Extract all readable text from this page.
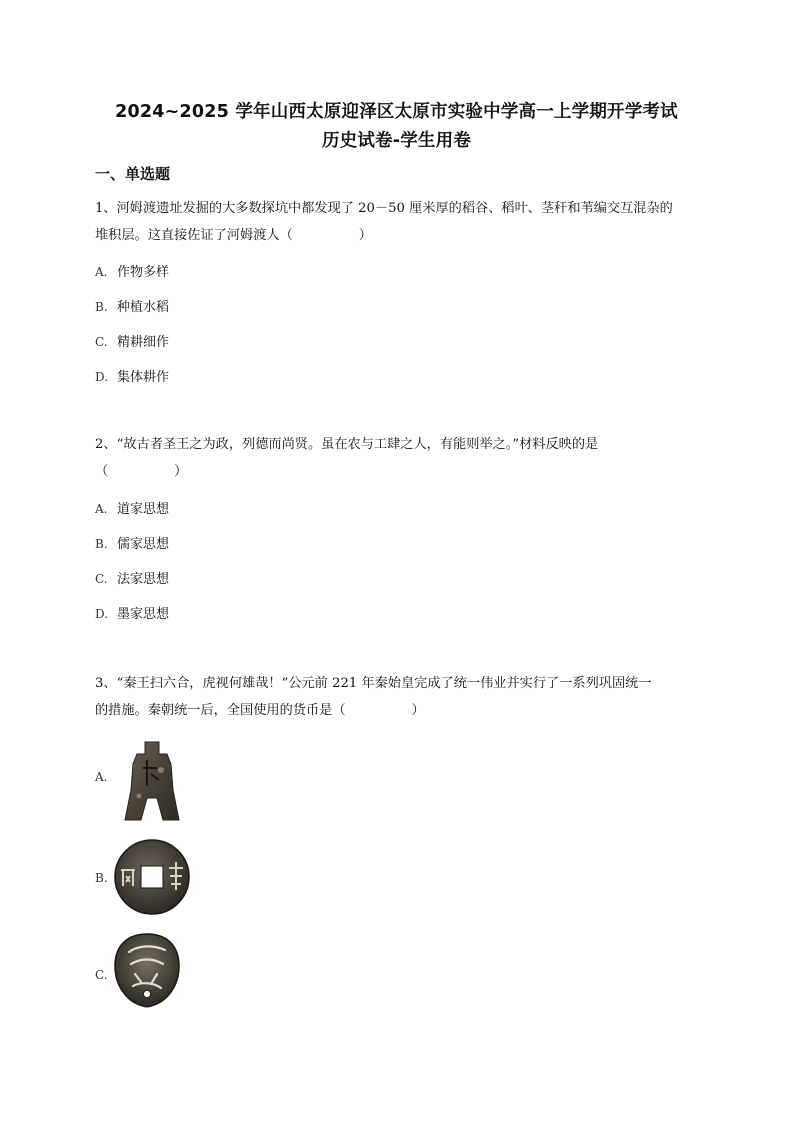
2024~2025 学年山西太原迎泽区太原市实验中学高一上学期开学考试
历史试卷-学生用卷
一、单选题
1、河姆渡遗址发掘的大多数探坑中都发现了 20－50 厘米厚的稻谷、稻叶、茎秆和苇编交互混杂的
堆积层。这直接佐证了河姆渡人（　　　　　）
A. 作物多样
B. 种植水稻
C. 精耕细作
D. 集体耕作
2、“故古者圣王之为政，列德而尚贤。虽在农与工肆之人，有能则举之。”材料反映的是
（　　　　　）
A. 道家思想
B. 儒家思想
C. 法家思想
D. 墨家思想
3、“秦王扫六合，虎视何雄哉！”公元前 221 年秦始皇完成了统一伟业并实行了一系列巩固统一
的措施。秦朝统一后，全国使用的货币是（　　　　　）
A.
B.
C.
